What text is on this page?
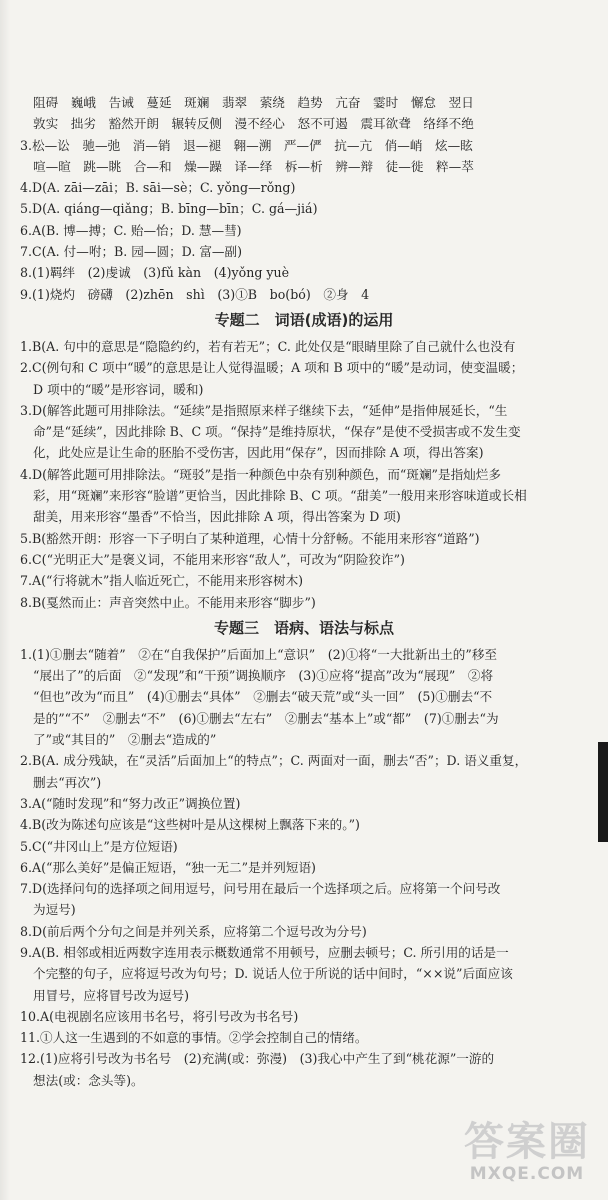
阻碍　巍峨　告诫　蔓延　斑斓　翡翠　萦绕　趋势　亢奋　霎时　懈怠　翌日
敦实　拙劣　豁然开朗　辗转反侧　漫不经心　怒不可遏　震耳欲聋　络绎不绝
3.松—讼　驰—弛　消—销　退—褪　翱—溯　严—俨　抗—亢　俏—峭　炫—眩
喧—暄　跳—眺　合—和　燥—躁　译—绎　柝—析　辨—辩　徒—徙　粹—萃
4.D(A. zāi—zāi；B. sāi—sè；C. yǒng—rǒng)
5.D(A. qiáng—qiǎng；B. bīng—bīn；C. gá—jiá)
6.A(B. 博—搏；C. 贻—怡；D. 慧—彗)
7.C(A. 付—咐；B. 园—圆；D. 富—副)
8.(1)羁绊　(2)虔诚　(3)fǔ kàn　(4)yǒng yuè
9.(1)烧灼　磅礴　(2)zhēn　shì　(3)①B　bo(bó)　②身　4
专题二　词语(成语)的运用
1.B(A. 句中的意思是“隐隐约约，若有若无”；C. 此处仅是“眼睛里除了自己就什么也没有
2.C(例句和 C 项中“暖”的意思是让人觉得温暖；A 项和 B 项中的“暖”是动词，使变温暖；
D 项中的“暖”是形容词，暖和)
3.D(解答此题可用排除法。“延续”是指照原来样子继续下去，“延伸”是指伸展延长，“生
命”是“延续”，因此排除 B、C 项。“保持”是维持原状，“保存”是使不受损害或不发生变
化，此处应是让生命的胚胎不受伤害，因此用“保存”，因而排除 A 项，得出答案)
4.D(解答此题可用排除法。“斑驳”是指一种颜色中杂有别种颜色，而“斑斓”是指灿烂多
彩，用“斑斓”来形容“脸谱”更恰当，因此排除 B、C 项。“甜美”一般用来形容味道或长相
甜美，用来形容“墨香”不恰当，因此排除 A 项，得出答案为 D 项)
5.B(豁然开朗：形容一下子明白了某种道理，心情十分舒畅。不能用来形容“道路”)
6.C(“光明正大”是褒义词，不能用来形容“敌人”，可改为“阴险狡诈”)
7.A(“行将就木”指人临近死亡，不能用来形容树木)
8.B(戛然而止：声音突然中止。不能用来形容“脚步”)
专题三　语病、语法与标点
1.(1)①删去“随着”　②在“自我保护”后面加上“意识”　(2)①将“一大批新出土的”移至
“展出了”的后面　②“发现”和“干预”调换顺序　(3)①应将“提高”改为“展现”　②将
“但也”改为“而且”　(4)①删去“具体”　②删去“破天荒”或“头一回”　(5)①删去“不
是的”“不”　②删去“不”　(6)①删去“左右”　②删去“基本上”或“都”　(7)①删去“为
了”或“其目的”　②删去“造成的”
2.B(A. 成分残缺，在“灵活”后面加上“的特点”；C. 两面对一面，删去“否”；D. 语义重复，
删去“再次”)
3.A(“随时发现”和“努力改正”调换位置)
4.B(改为陈述句应该是“这些树叶是从这棵树上飘落下来的。”)
5.C(“井冈山上”是方位短语)
6.A(“那么美好”是偏正短语，“独一无二”是并列短语)
7.D(选择问句的选择项之间用逗号，问号用在最后一个选择项之后。应将第一个问号改
为逗号)
8.D(前后两个分句之间是并列关系，应将第二个逗号改为分号)
9.A(B. 相邻或相近两数字连用表示概数通常不用顿号，应删去顿号；C. 所引用的话是一
个完整的句子，应将逗号改为句号；D. 说话人位于所说的话中间时，“××说”后面应该
用冒号，应将冒号改为逗号)
10.A(电视剧名应该用书名号，将引号改为书名号)
11.①人这一生遇到的不如意的事情。②学会控制自己的情绪。
12.(1)应将引号改为书名号　(2)充满(或：弥漫)　(3)我心中产生了到“桃花源”一游的
想法(或：念头等)。
答案圈
MXQE.COM
